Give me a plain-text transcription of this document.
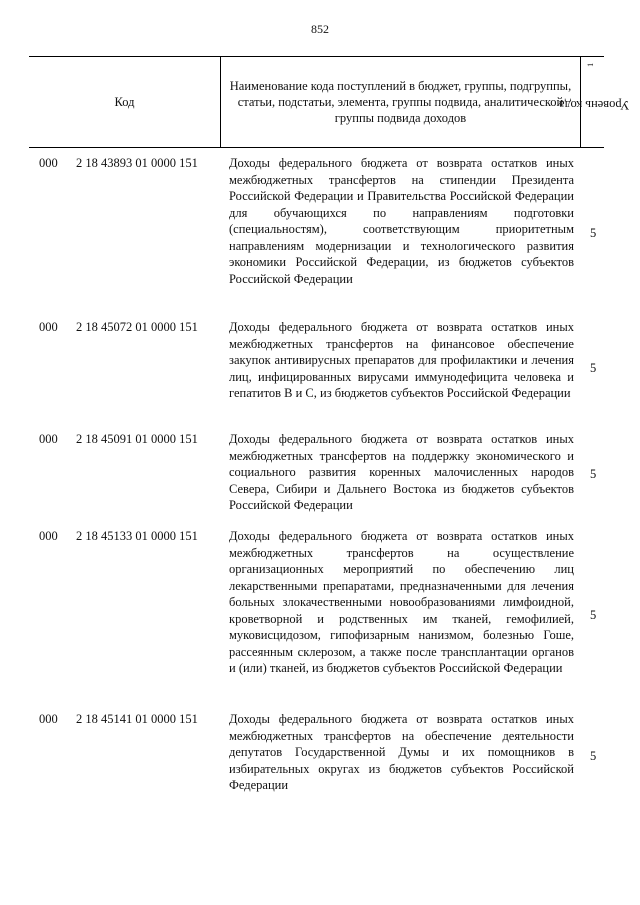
852
Код
Наименование кода поступлений в бюджет, группы, подгруппы, статьи, подстатьи, элемента, группы подвида, аналитической группы подвида доходов
Уровень кода $^1$
000 2 18 43893 01 0000 151 Доходы федерального бюджета от возврата остатков иных межбюджетных трансфертов на стипендии Президента Российской Федерации и Правительства Российской Федерации для обучающихся по направлениям подготовки (специальностям), соответствующим приоритетным направлениям модернизации и технологического развития экономики Российской Федерации, из бюджетов субъектов Российской Федерации
5
000 2 18 45072 01 0000 151 Доходы федерального бюджета от возврата остатков иных межбюджетных трансфертов на финансовое обеспечение закупок антивирусных препаратов для профилактики и лечения лиц, инфицированных вирусами иммунодефицита человека и гепатитов B и C, из бюджетов субъектов Российской Федерации
5
000 2 18 45091 01 0000 151 Доходы федерального бюджета от возврата остатков иных межбюджетных трансфертов на поддержку экономического и социального развития коренных малочисленных народов Севера, Сибири и Дальнего Востока из бюджетов субъектов Российской Федерации
5
000 2 18 45133 01 0000 151 Доходы федерального бюджета от возврата остатков иных межбюджетных трансфертов на осуществление организационных мероприятий по обеспечению лиц лекарственными препаратами, предназначенными для лечения больных злокачественными новообразованиями лимфоидной, кроветворной и родственных им тканей, гемофилией, муковисцидозом, гипофизарным нанизмом, болезнью Гоше, рассеянным склерозом, а также после трансплантации органов и (или) тканей, из бюджетов субъектов Российской Федерации
5
000 2 18 45141 01 0000 151 Доходы федерального бюджета от возврата остатков иных межбюджетных трансфертов на обеспечение деятельности депутатов Государственной Думы и их помощников в избирательных округах из бюджетов субъектов Российской Федерации
5
